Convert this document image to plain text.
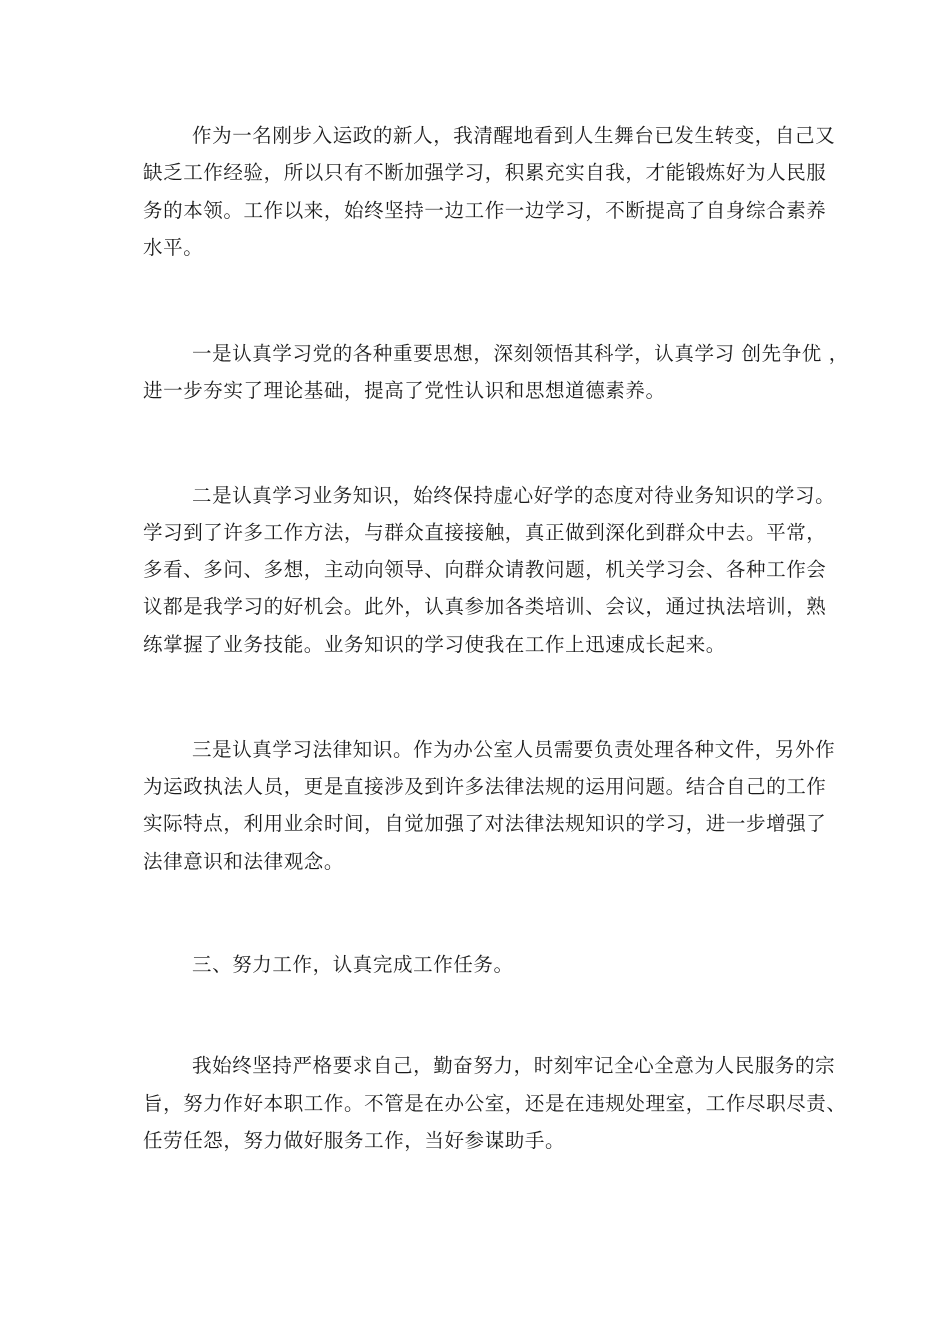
作为一名刚步入运政的新人，我清醒地看到人生舞台已发生转变，自己又
缺乏工作经验，所以只有不断加强学习，积累充实自我，才能锻炼好为人民服
务的本领。工作以来，始终坚持一边工作一边学习，不断提高了自身综合素养
水平。
一是认真学习党的各种重要思想，深刻领悟其科学，认真学习 创先争优 ，
进一步夯实了理论基础，提高了党性认识和思想道德素养。
二是认真学习业务知识，始终保持虚心好学的态度对待业务知识的学习。
学习到了许多工作方法，与群众直接接触，真正做到深化到群众中去。平常，
多看、多问、多想，主动向领导、向群众请教问题，机关学习会、各种工作会
议都是我学习的好机会。此外，认真参加各类培训、会议，通过执法培训，熟
练掌握了业务技能。业务知识的学习使我在工作上迅速成长起来。
三是认真学习法律知识。作为办公室人员需要负责处理各种文件，另外作
为运政执法人员，更是直接涉及到许多法律法规的运用问题。结合自己的工作
实际特点，利用业余时间，自觉加强了对法律法规知识的学习，进一步增强了
法律意识和法律观念。
三、努力工作，认真完成工作任务。
我始终坚持严格要求自己，勤奋努力，时刻牢记全心全意为人民服务的宗
旨，努力作好本职工作。不管是在办公室，还是在违规处理室，工作尽职尽责、
任劳任怨，努力做好服务工作，当好参谋助手。
